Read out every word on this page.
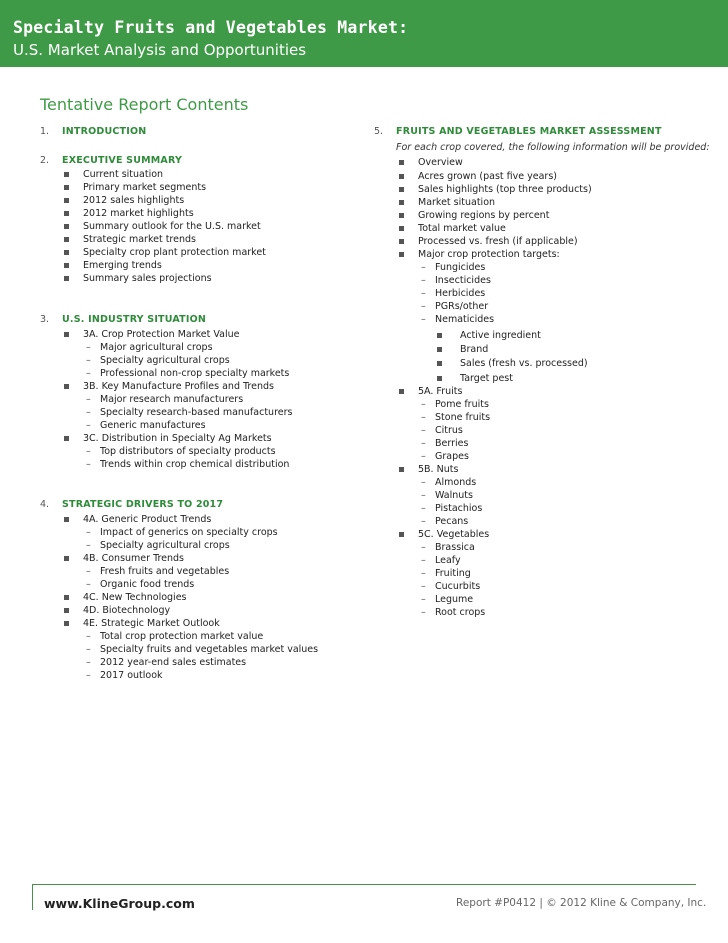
Specialty Fruits and Vegetables Market:
U.S. Market Analysis and Opportunities
Tentative Report Contents
1. INTRODUCTION
2. EXECUTIVE SUMMARY
Current situation
Primary market segments
2012 sales highlights
2012 market highlights
Summary outlook for the U.S. market
Strategic market trends
Specialty crop plant protection market
Emerging trends
Summary sales projections
3. U.S. INDUSTRY SITUATION
3A. Crop Protection Market Value
– Major agricultural crops
– Specialty agricultural crops
– Professional non-crop specialty markets
3B. Key Manufacture Profiles and Trends
– Major research manufacturers
– Specialty research-based manufacturers
– Generic manufactures
3C. Distribution in Specialty Ag Markets
– Top distributors of specialty products
– Trends within crop chemical distribution
4. STRATEGIC DRIVERS TO 2017
4A. Generic Product Trends
– Impact of generics on specialty crops
– Specialty agricultural crops
4B. Consumer Trends
– Fresh fruits and vegetables
– Organic food trends
4C. New Technologies
4D. Biotechnology
4E. Strategic Market Outlook
– Total crop protection market value
– Specialty fruits and vegetables market values
– 2012 year-end sales estimates
– 2017 outlook
5. FRUITS AND VEGETABLES MARKET ASSESSMENT
For each crop covered, the following information will be provided:
Overview
Acres grown (past five years)
Sales highlights (top three products)
Market situation
Growing regions by percent
Total market value
Processed vs. fresh (if applicable)
Major crop protection targets:
– Fungicides
– Insecticides
– Herbicides
– PGRs/other
– Nematicides
Active ingredient
Brand
Sales (fresh vs. processed)
Target pest
5A. Fruits
– Pome fruits
– Stone fruits
– Citrus
– Berries
– Grapes
5B. Nuts
– Almonds
– Walnuts
– Pistachios
– Pecans
5C. Vegetables
– Brassica
– Leafy
– Fruiting
– Cucurbits
– Legume
– Root crops
www.KlineGroup.com	Report #P0412 | © 2012 Kline & Company, Inc.
